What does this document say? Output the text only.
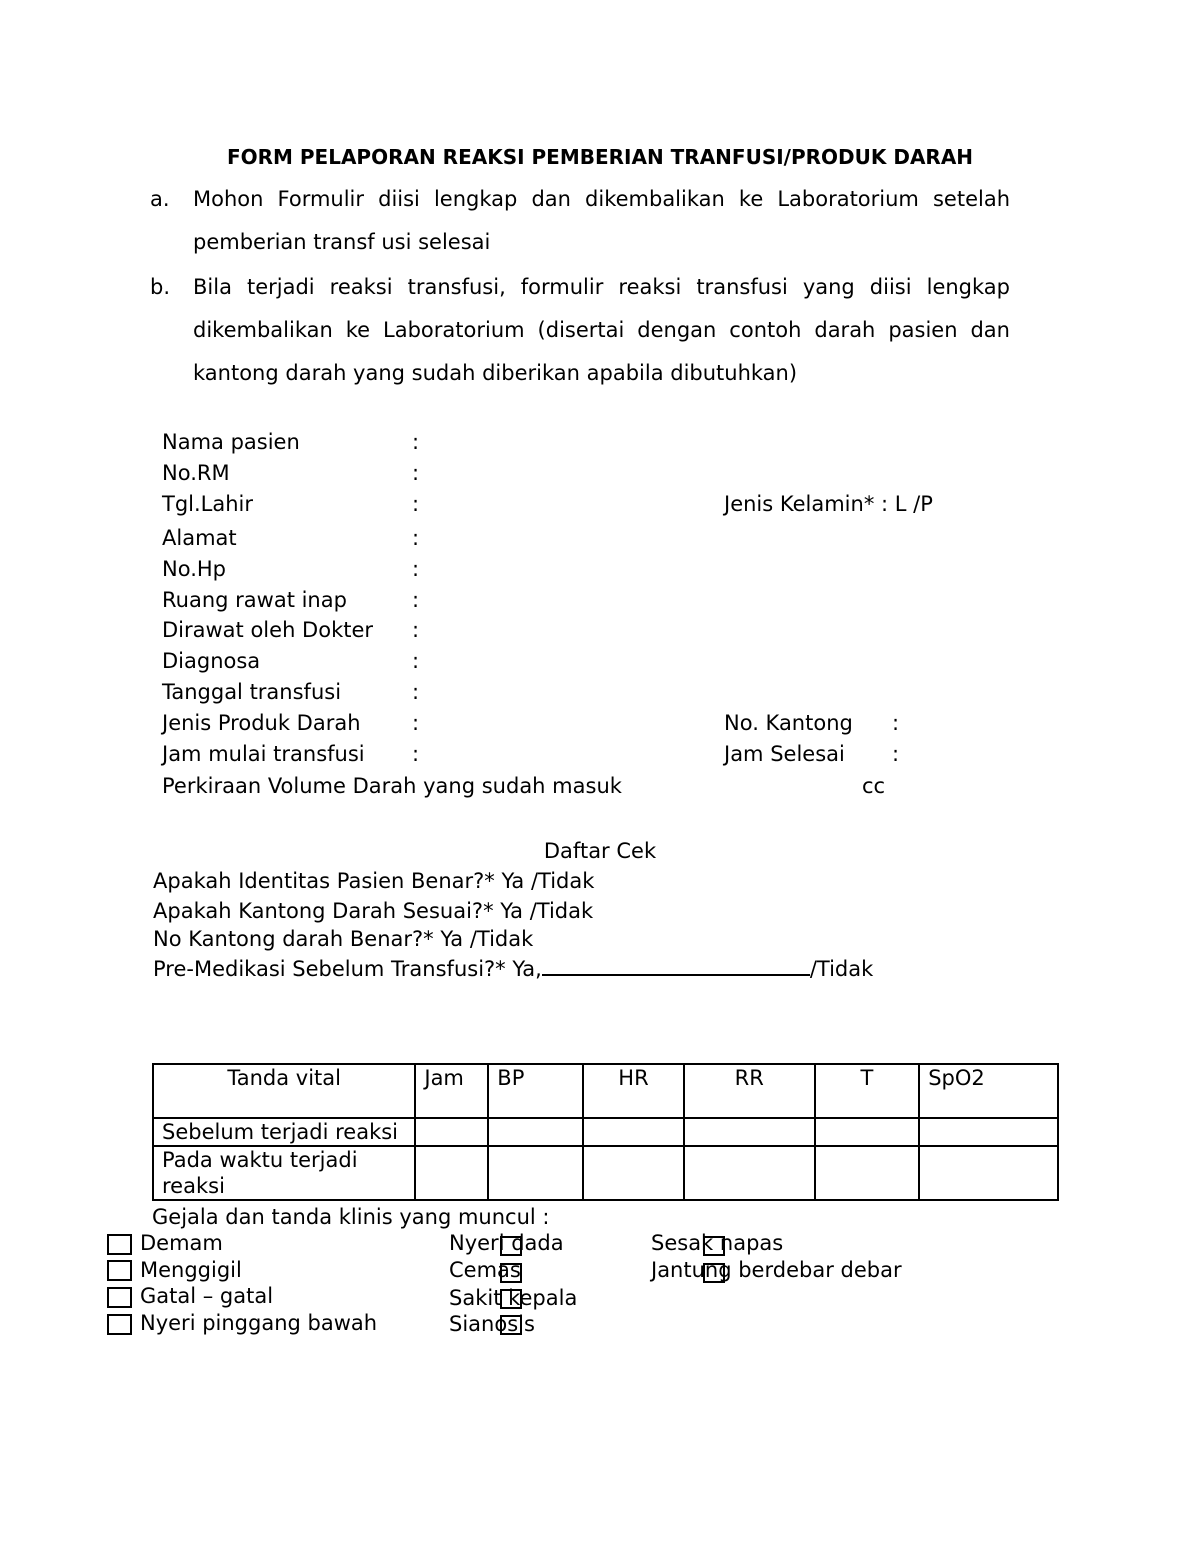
FORM PELAPORAN REAKSI PEMBERIAN TRANFUSI/PRODUK DARAH
a. Mohon Formulir diisi lengkap dan dikembalikan ke Laboratorium setelah pemberian transf usi selesai
b. Bila terjadi reaksi transfusi, formulir reaksi transfusi yang diisi lengkap dikembalikan ke Laboratorium (disertai dengan contoh darah pasien dan kantong darah yang sudah diberikan apabila dibutuhkan)
Nama pasien	:
No.RM	:
Tgl.Lahir	:	Jenis Kelamin* : L /P
Alamat	:
No.Hp	:
Ruang rawat inap	:
Dirawat oleh Dokter :
Diagnosa	:
Tanggal transfusi	:
Jenis Produk Darah :	No. Kantong :
Jam mulai transfusi :	Jam Selesai :
Perkiraan Volume Darah yang sudah masuk	cc
Daftar Cek
Apakah Identitas Pasien Benar?* Ya /Tidak
Apakah Kantong Darah Sesuai?* Ya /Tidak
No Kantong darah Benar?* Ya /Tidak
Pre-Medikasi Sebelum Transfusi?* Ya,	/Tidak
Tanda vital	Jam	BP	HR	RR	T	SpO2
Sebelum terjadi reaksi						
Pada waktu terjadi reaksi						
Gejala dan tanda klinis yang muncul :
Demam
Menggigil
Gatal – gatal
Nyeri pinggang bawah
Nyeri dada
Cemas
Sakit kepala
Sianosis
Sesak napas
Jantung berdebar debar
